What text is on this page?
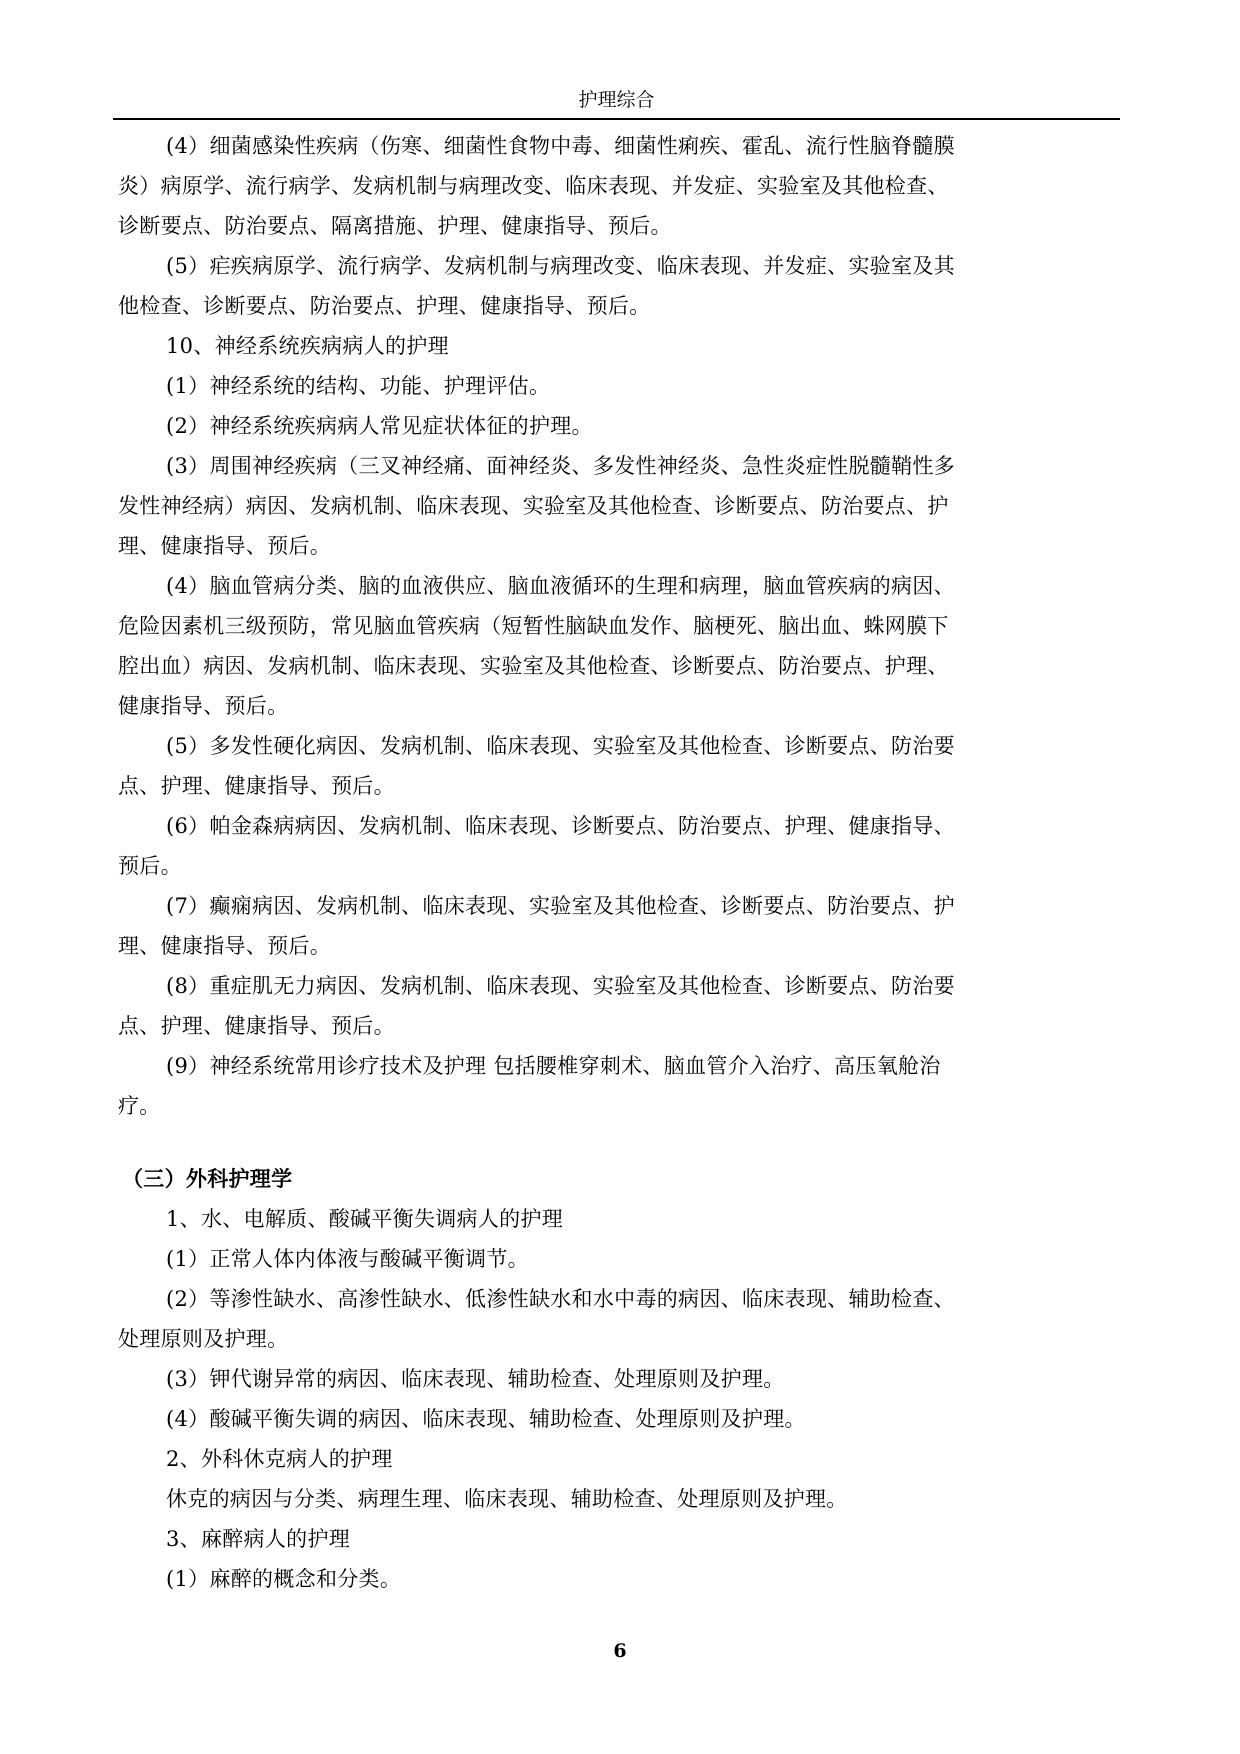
护理综合
(4）细菌感染性疾病（伤寒、细菌性食物中毒、细菌性痢疾、霍乱、流行性脑脊髓膜
炎）病原学、流行病学、发病机制与病理改变、临床表现、并发症、实验室及其他检查、
诊断要点、防治要点、隔离措施、护理、健康指导、预后。
(5）疟疾病原学、流行病学、发病机制与病理改变、临床表现、并发症、实验室及其
他检查、诊断要点、防治要点、护理、健康指导、预后。
10、神经系统疾病病人的护理
(1）神经系统的结构、功能、护理评估。
(2）神经系统疾病病人常见症状体征的护理。
(3）周围神经疾病（三叉神经痛、面神经炎、多发性神经炎、急性炎症性脱髓鞘性多
发性神经病）病因、发病机制、临床表现、实验室及其他检查、诊断要点、防治要点、护
理、健康指导、预后。
(4）脑血管病分类、脑的血液供应、脑血液循环的生理和病理，脑血管疾病的病因、
危险因素机三级预防，常见脑血管疾病（短暂性脑缺血发作、脑梗死、脑出血、蛛网膜下
腔出血）病因、发病机制、临床表现、实验室及其他检查、诊断要点、防治要点、护理、
健康指导、预后。
(5）多发性硬化病因、发病机制、临床表现、实验室及其他检查、诊断要点、防治要
点、护理、健康指导、预后。
(6）帕金森病病因、发病机制、临床表现、诊断要点、防治要点、护理、健康指导、
预后。
(7）癫痫病因、发病机制、临床表现、实验室及其他检查、诊断要点、防治要点、护
理、健康指导、预后。
(8）重症肌无力病因、发病机制、临床表现、实验室及其他检查、诊断要点、防治要
点、护理、健康指导、预后。
(9）神经系统常用诊疗技术及护理 包括腰椎穿刺术、脑血管介入治疗、高压氧舱治
疗。
（三）外科护理学
1、水、电解质、酸碱平衡失调病人的护理
(1）正常人体内体液与酸碱平衡调节。
(2）等渗性缺水、高渗性缺水、低渗性缺水和水中毒的病因、临床表现、辅助检查、
处理原则及护理。
(3）钾代谢异常的病因、临床表现、辅助检查、处理原则及护理。
(4）酸碱平衡失调的病因、临床表现、辅助检查、处理原则及护理。
2、外科休克病人的护理
休克的病因与分类、病理生理、临床表现、辅助检查、处理原则及护理。
3、麻醉病人的护理
(1）麻醉的概念和分类。
6
